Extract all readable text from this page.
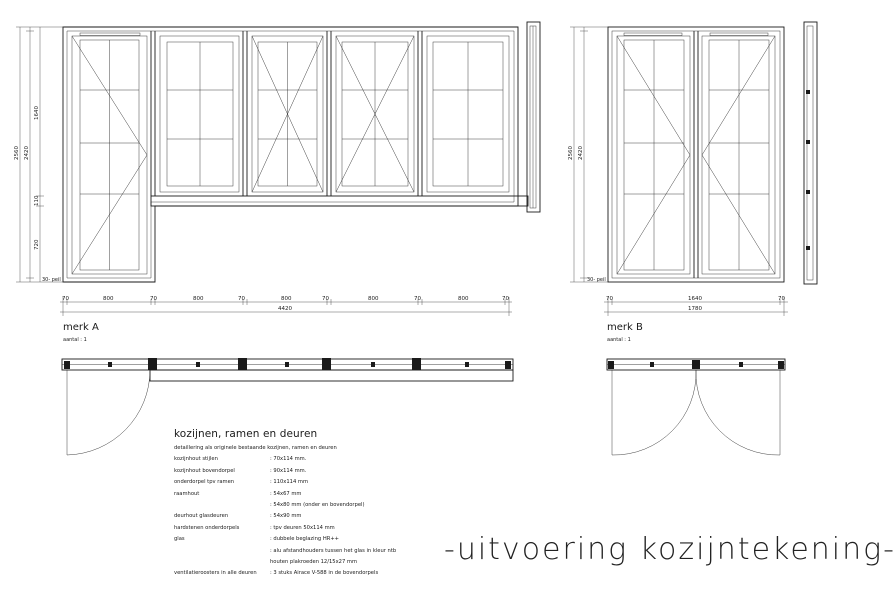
2560
1640
2420
110
720
30- peil
70	800	70	800	70	800	70	800	70	800	70
4420
merk A
aantal : 1
2560 2420
30- peil
70	1640	70
1780
merk B
aantal : 1
kozijnen, ramen en deuren
detaillering als originele bestaande kozijnen, ramen en deuren
kozijnhout stijlen	: 70x114 mm.
kozijnhout bovendorpel	: 90x114 mm.
onderdorpel tpv ramen	: 110x114 mm
raamhout	: 54x67 mm
: 54x80 mm (onder en bovendorpel)
deurhout glasdeuren	: 54x90 mm
hardstenen onderdorpels	: tpv deuren 50x114 mm
glas	: dubbele beglazing HR++
: alu afstandhouders tussen het glas in kleur ntb
houten plakroeden 12/15x27 mm
ventilatieroosters in alle deuren	: 3 stuks Airace V-588 in de bovendorpels
-uitvoering kozijntekening-
